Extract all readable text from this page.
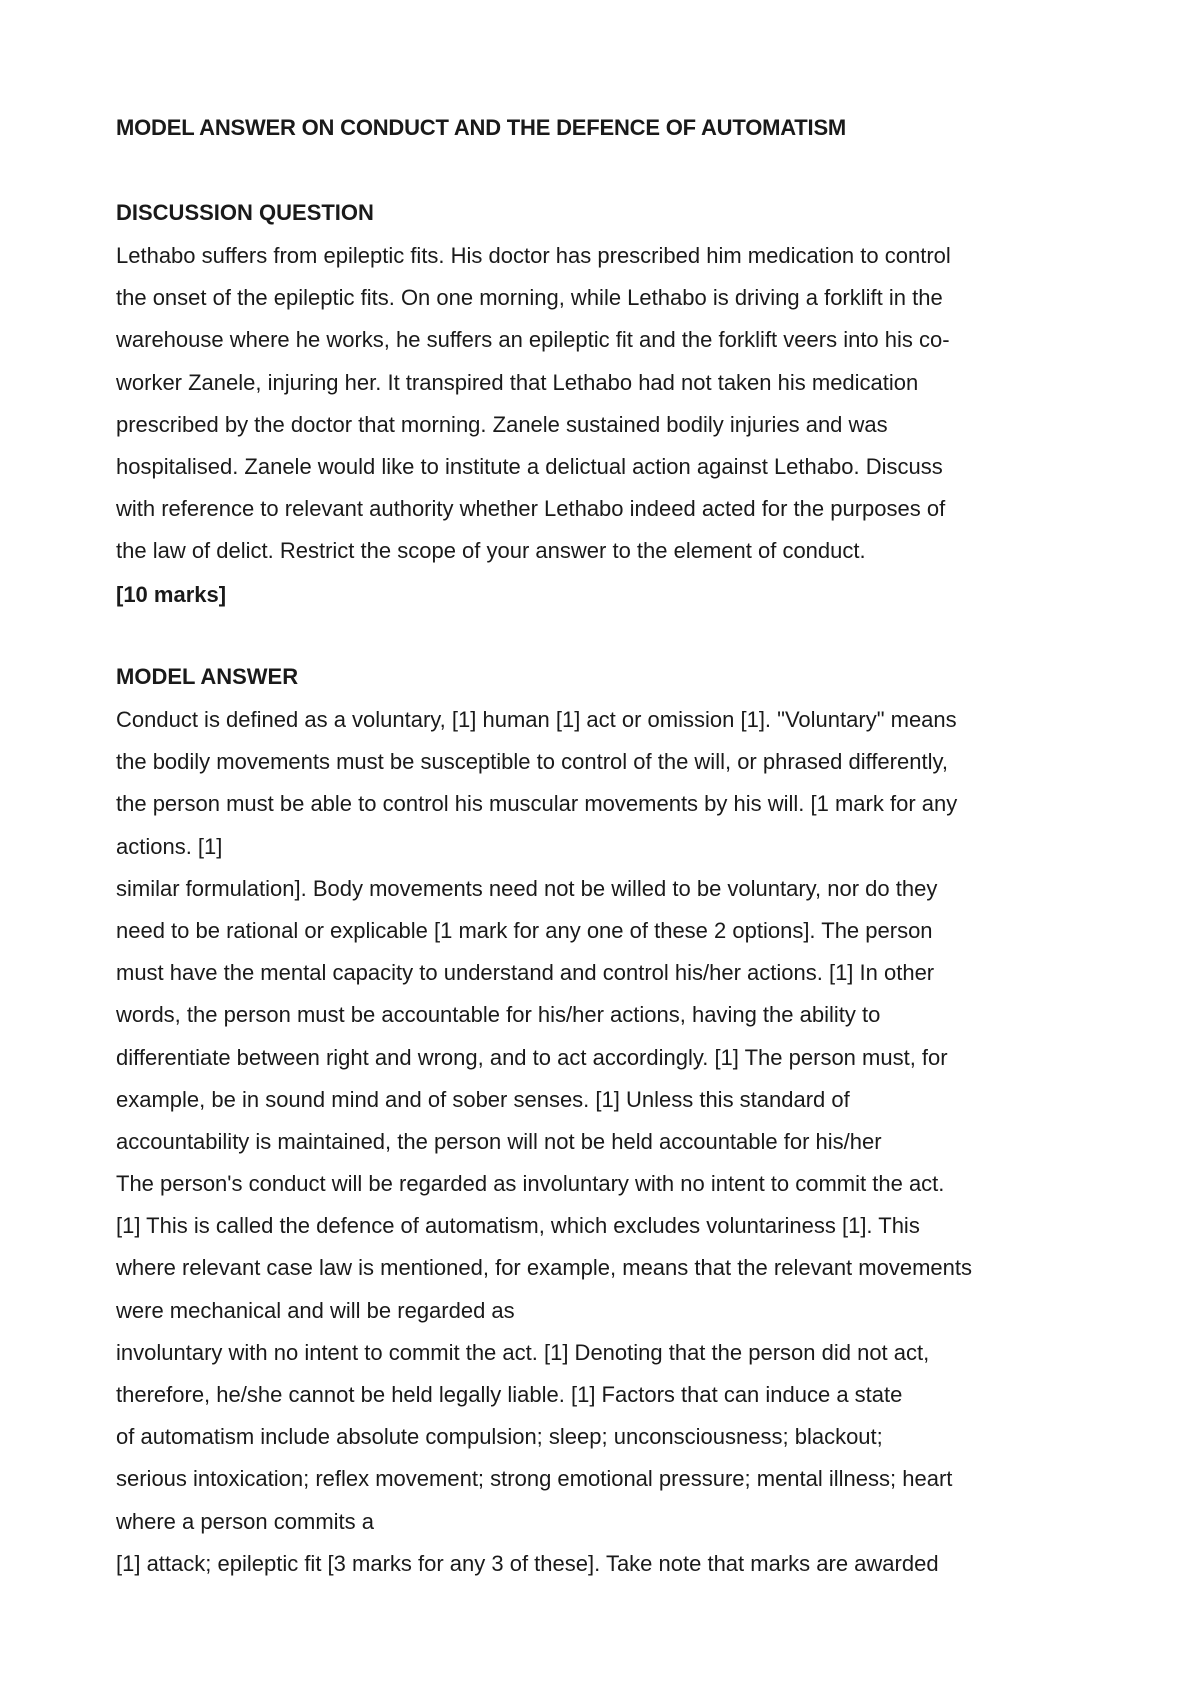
MODEL ANSWER ON CONDUCT AND THE DEFENCE OF AUTOMATISM
DISCUSSION QUESTION
Lethabo suffers from epileptic fits. His doctor has prescribed him medication to control
the onset of the epileptic fits. On one morning, while Lethabo is driving a forklift in the
warehouse where he works, he suffers an epileptic fit and the forklift veers into his co-
worker Zanele, injuring her. It transpired that Lethabo had not taken his medication
prescribed by the doctor that morning. Zanele sustained bodily injuries and was
hospitalised. Zanele would like to institute a delictual action against Lethabo. Discuss
with reference to relevant authority whether Lethabo indeed acted for the purposes of
the law of delict. Restrict the scope of your answer to the element of conduct.
[10 marks]
MODEL ANSWER
Conduct is defined as a voluntary, [1] human [1] act or omission [1]. "Voluntary" means
the bodily movements must be susceptible to control of the will, or phrased differently,
the person must be able to control his muscular movements by his will. [1 mark for any
actions. [1]
similar formulation]. Body movements need not be willed to be voluntary, nor do they
need to be rational or explicable [1 mark for any one of these 2 options]. The person
must have the mental capacity to understand and control his/her actions. [1] In other
words, the person must be accountable for his/her actions, having the ability to
differentiate between right and wrong, and to act accordingly. [1] The person must, for
example, be in sound mind and of sober senses. [1] Unless this standard of
accountability is maintained, the person will not be held accountable for his/her
The person's conduct will be regarded as involuntary with no intent to commit the act.
[1] This is called the defence of automatism, which excludes voluntariness [1]. This
where relevant case law is mentioned, for example, means that the relevant movements
were mechanical and will be regarded as
involuntary with no intent to commit the act. [1] Denoting that the person did not act,
therefore, he/she cannot be held legally liable. [1] Factors that can induce a state
of automatism include absolute compulsion; sleep; unconsciousness; blackout;
serious intoxication; reflex movement; strong emotional pressure; mental illness; heart
where a person commits a
[1] attack; epileptic fit [3 marks for any 3 of these]. Take note that marks are awarded
